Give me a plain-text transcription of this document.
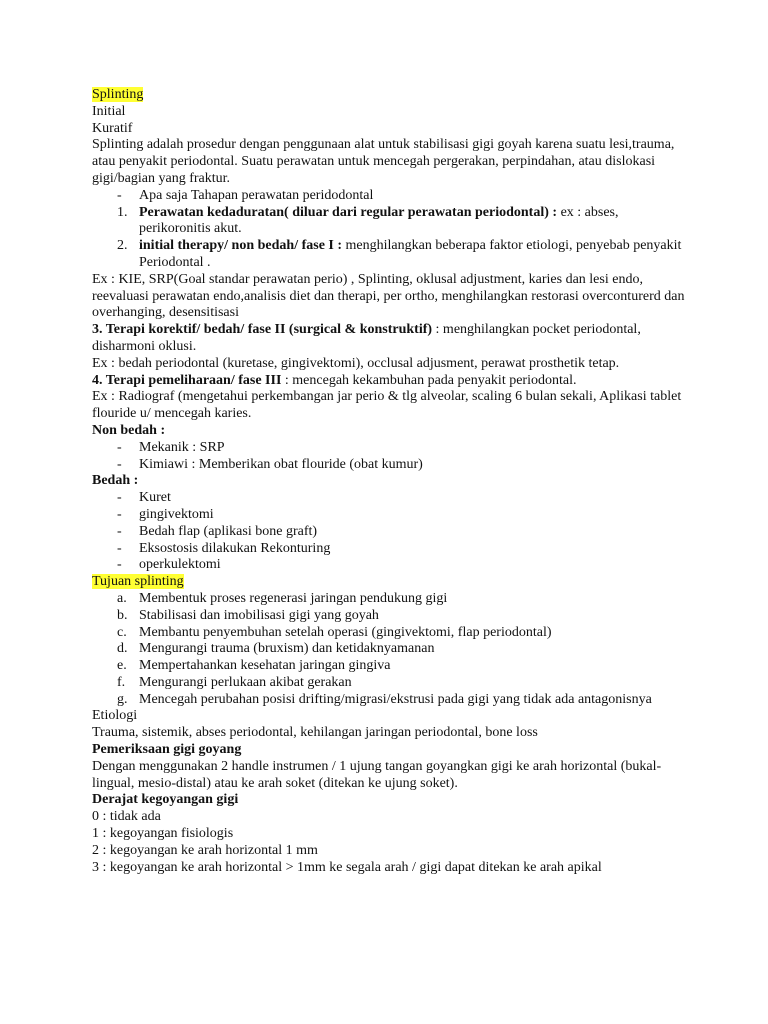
Splinting

Initial

Kuratif

Splinting adalah prosedur dengan penggunaan alat untuk stabilisasi gigi goyah karena suatu lesi,trauma, atau penyakit periodontal. Suatu perawatan untuk mencegah pergerakan, perpindahan, atau dislokasi gigi/bagian yang fraktur.

- Apa saja Tahapan perawatan peridodontal
1. Perawatan kedaduratan( diluar dari regular perawatan periodontal) : ex : abses, perikoronitis akut.
2. initial therapy/ non bedah/ fase I : menghilangkan beberapa faktor etiologi, penyebab penyakit Periodontal .

Ex : KIE, SRP(Goal standar perawatan perio) , Splinting, oklusal adjustment, karies dan lesi endo, reevaluasi perawatan endo,analisis diet dan therapi, per ortho, menghilangkan restorasi overconturerd dan overhanging, desensitisasi

3. Terapi korektif/ bedah/ fase II (surgical & konstruktif) : menghilangkan pocket periodontal, disharmoni oklusi.

Ex : bedah periodontal (kuretase, gingivektomi), occlusal adjusment, perawat prosthetik tetap.

4. Terapi pemeliharaan/ fase III : mencegah kekambuhan pada penyakit periodontal.

Ex : Radiograf (mengetahui perkembangan jar perio & tlg alveolar, scaling 6 bulan sekali, Aplikasi tablet flouride u/ mencegah karies.

Non bedah :

- Mekanik : SRP
- Kimiawi : Memberikan obat flouride (obat kumur)

Bedah :

- Kuret
- gingivektomi
- Bedah flap (aplikasi bone graft)
- Eksostosis dilakukan Rekonturing
- operkulektomi

Tujuan splinting

a. Membentuk proses regenerasi jaringan pendukung gigi
b. Stabilisasi dan imobilisasi gigi yang goyah
c. Membantu penyembuhan setelah operasi (gingivektomi, flap periodontal)
d. Mengurangi trauma (bruxism) dan ketidaknyamanan
e. Mempertahankan kesehatan jaringan gingiva
f. Mengurangi perlukaan akibat gerakan
g. Mencegah perubahan posisi drifting/migrasi/ekstrusi pada gigi yang tidak ada antagonisnya

Etiologi

Trauma, sistemik, abses periodontal, kehilangan jaringan periodontal, bone loss

Pemeriksaan gigi goyang

Dengan menggunakan 2 handle instrumen / 1 ujung tangan goyangkan gigi ke arah horizontal (bukal-lingual, mesio-distal) atau ke arah soket (ditekan ke ujung soket).

Derajat kegoyangan gigi

0 : tidak ada

1 : kegoyangan fisiologis

2 : kegoyangan ke arah horizontal 1 mm

3 : kegoyangan ke arah horizontal > 1mm ke segala arah / gigi dapat ditekan ke arah apikal
